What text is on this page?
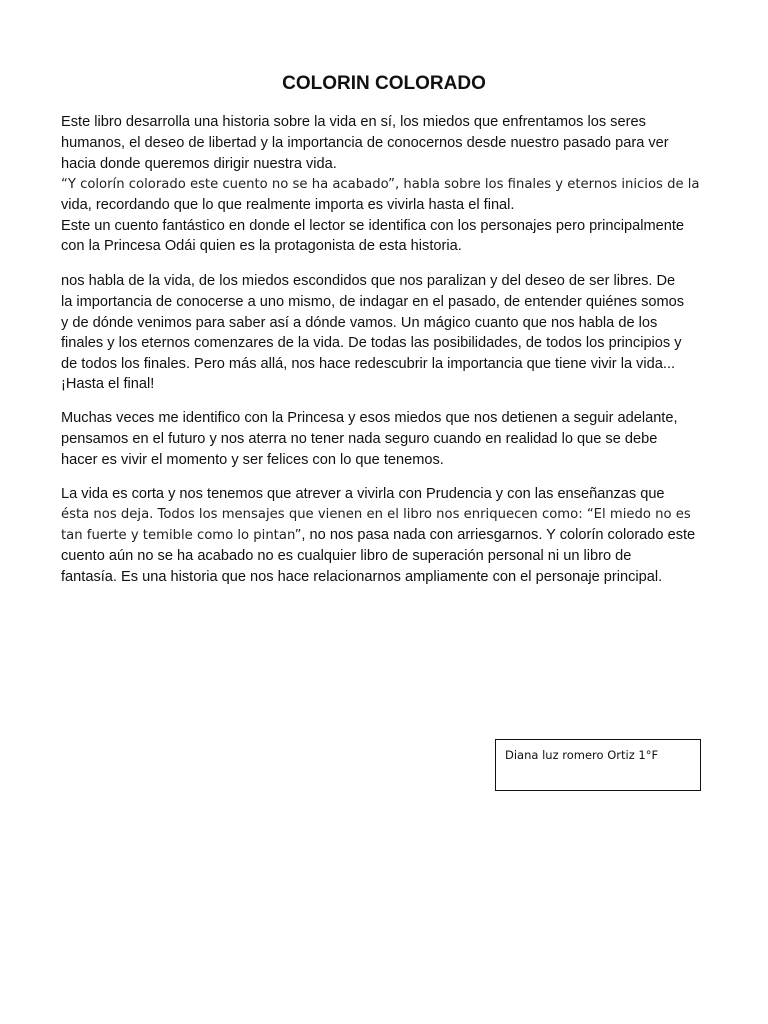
COLORIN COLORADO
Este libro desarrolla una historia sobre la vida en sí, los miedos que enfrentamos los seres
humanos, el deseo de libertad y la importancia de conocernos desde nuestro pasado para ver
hacia donde queremos dirigir nuestra vida.
“Y colorín colorado este cuento no se ha acabado”, habla sobre los finales y eternos inicios de la
vida, recordando que lo que realmente importa es vivirla hasta el final.
Este un cuento fantástico en donde el lector se identifica con los personajes pero principalmente
con la Princesa Odái quien es la protagonista de esta historia.
nos habla de la vida, de los miedos escondidos que nos paralizan y del deseo de ser libres. De
la importancia de conocerse a uno mismo, de indagar en el pasado, de entender quiénes somos
y de dónde venimos para saber así a dónde vamos. Un mágico cuanto que nos habla de los
finales y los eternos comenzares de la vida. De todas las posibilidades, de todos los principios y
de todos los finales. Pero más allá, nos hace redescubrir la importancia que tiene vivir la vida...
¡Hasta el final!
Muchas veces me identifico con la Princesa y esos miedos que nos detienen a seguir adelante,
pensamos en el futuro y nos aterra no tener nada seguro cuando en realidad lo que se debe
hacer es vivir el momento y ser felices con lo que tenemos.
La vida es corta y nos tenemos que atrever a vivirla con Prudencia y con las enseñanzas que
ésta nos deja. Todos los mensajes que vienen en el libro nos enriquecen como: “El miedo no es
tan fuerte y temible como lo pintan”, no nos pasa nada con arriesgarnos. Y colorín colorado este
cuento aún no se ha acabado no es cualquier libro de superación personal ni un libro de
fantasía. Es una historia que nos hace relacionarnos ampliamente con el personaje principal.
Diana luz romero Ortiz 1°F
